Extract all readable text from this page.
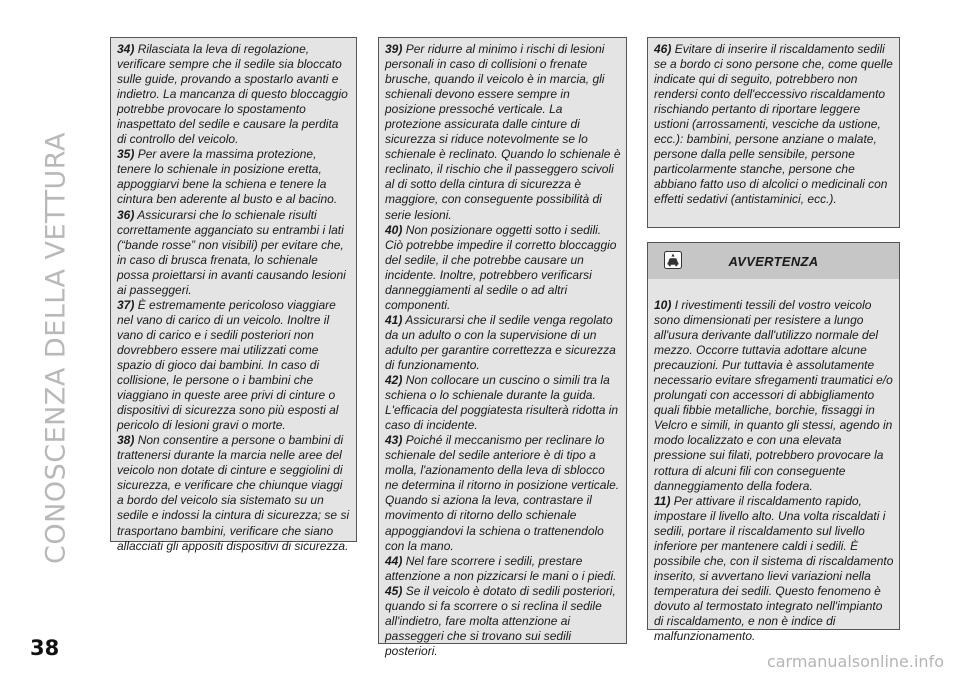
CONOSCENZA DELLA VETTURA
38
34) Rilasciata la leva di regolazione, verificare sempre che il sedile sia bloccato sulle guide, provando a spostarlo avanti e indietro. La mancanza di questo bloccaggio potrebbe provocare lo spostamento inaspettato del sedile e causare la perdita di controllo del veicolo.
35) Per avere la massima protezione, tenere lo schienale in posizione eretta, appoggiarvi bene la schiena e tenere la cintura ben aderente al busto e al bacino.
36) Assicurarsi che lo schienale risulti correttamente agganciato su entrambi i lati (“bande rosse” non visibili) per evitare che, in caso di brusca frenata, lo schienale possa proiettarsi in avanti causando lesioni ai passeggeri.
37) È estremamente pericoloso viaggiare nel vano di carico di un veicolo. Inoltre il vano di carico e i sedili posteriori non dovrebbero essere mai utilizzati come spazio di gioco dai bambini. In caso di collisione, le persone o i bambini che viaggiano in queste aree privi di cinture o dispositivi di sicurezza sono più esposti al pericolo di lesioni gravi o morte.
38) Non consentire a persone o bambini di trattenersi durante la marcia nelle aree del veicolo non dotate di cinture e seggiolini di sicurezza, e verificare che chiunque viaggi a bordo del veicolo sia sistemato su un sedile e indossi la cintura di sicurezza; se si trasportano bambini, verificare che siano allacciati gli appositi dispositivi di sicurezza.
39) Per ridurre al minimo i rischi di lesioni personali in caso di collisioni o frenate brusche, quando il veicolo è in marcia, gli schienali devono essere sempre in posizione pressoché verticale. La protezione assicurata dalle cinture di sicurezza si riduce notevolmente se lo schienale è reclinato. Quando lo schienale è reclinato, il rischio che il passeggero scivoli al di sotto della cintura di sicurezza è maggiore, con conseguente possibilità di serie lesioni.
40) Non posizionare oggetti sotto i sedili. Ciò potrebbe impedire il corretto bloccaggio del sedile, il che potrebbe causare un incidente. Inoltre, potrebbero verificarsi danneggiamenti al sedile o ad altri componenti.
41) Assicurarsi che il sedile venga regolato da un adulto o con la supervisione di un adulto per garantire correttezza e sicurezza di funzionamento.
42) Non collocare un cuscino o simili tra la schiena o lo schienale durante la guida. L'efficacia del poggiatesta risulterà ridotta in caso di incidente.
43) Poiché il meccanismo per reclinare lo schienale del sedile anteriore è di tipo a molla, l'azionamento della leva di sblocco ne determina il ritorno in posizione verticale. Quando si aziona la leva, contrastare il movimento di ritorno dello schienale appoggiandovi la schiena o trattenendolo con la mano.
44) Nel fare scorrere i sedili, prestare attenzione a non pizzicarsi le mani o i piedi.
45) Se il veicolo è dotato di sedili posteriori, quando si fa scorrere o si reclina il sedile all'indietro, fare molta attenzione ai passeggeri che si trovano sui sedili posteriori.
46) Evitare di inserire il riscaldamento sedili se a bordo ci sono persone che, come quelle indicate qui di seguito, potrebbero non rendersi conto dell'eccessivo riscaldamento rischiando pertanto di riportare leggere ustioni (arrossamenti, vesciche da ustione, ecc.): bambini, persone anziane o malate, persone dalla pelle sensibile, persone particolarmente stanche, persone che abbiano fatto uso di alcolici o medicinali con effetti sedativi (antistaminici, ecc.).
AVVERTENZA
10) I rivestimenti tessili del vostro veicolo sono dimensionati per resistere a lungo all'usura derivante dall'utilizzo normale del mezzo. Occorre tuttavia adottare alcune precauzioni. Pur tuttavia è assolutamente necessario evitare sfregamenti traumatici e/o prolungati con accessori di abbigliamento quali fibbie metalliche, borchie, fissaggi in Velcro e simili, in quanto gli stessi, agendo in modo localizzato e con una elevata pressione sui filati, potrebbero provocare la rottura di alcuni fili con conseguente danneggiamento della fodera.
11) Per attivare il riscaldamento rapido, impostare il livello alto. Una volta riscaldati i sedili, portare il riscaldamento sul livello inferiore per mantenere caldi i sedili. È possibile che, con il sistema di riscaldamento inserito, si avvertano lievi variazioni nella temperatura dei sedili. Questo fenomeno è dovuto al termostato integrato nell'impianto di riscaldamento, e non è indice di malfunzionamento.
carmanualsonline.info
